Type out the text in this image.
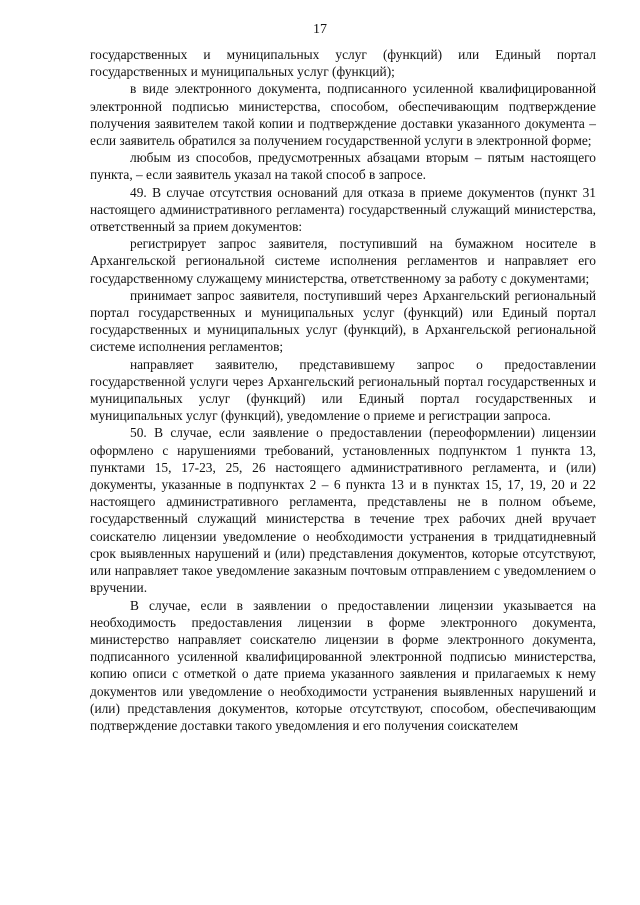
17

государственных и муниципальных услуг (функций) или Единый портал государственных и муниципальных услуг (функций);

в виде электронного документа, подписанного усиленной квалифицированной электронной подписью министерства, способом, обеспечивающим подтверждение получения заявителем такой копии и подтверждение доставки указанного документа – если заявитель обратился за получением государственной услуги в электронной форме;

любым из способов, предусмотренных абзацами вторым – пятым настоящего пункта, – если заявитель указал на такой способ в запросе.

49. В случае отсутствия оснований для отказа в приеме документов (пункт 31 настоящего административного регламента) государственный служащий министерства, ответственный за прием документов:

регистрирует запрос заявителя, поступивший на бумажном носителе в Архангельской региональной системе исполнения регламентов и направляет его государственному служащему министерства, ответственному за работу с документами;

принимает запрос заявителя, поступивший через Архангельский региональный портал государственных и муниципальных услуг (функций) или Единый портал государственных и муниципальных услуг (функций), в Архангельской региональной системе исполнения регламентов;

направляет заявителю, представившему запрос о предоставлении государственной услуги через Архангельский региональный портал государственных и муниципальных услуг (функций) или Единый портал государственных и муниципальных услуг (функций), уведомление о приеме и регистрации запроса.

50. В случае, если заявление о предоставлении (переоформлении) лицензии оформлено с нарушениями требований, установленных подпунктом 1 пункта 13, пунктами 15, 17-23, 25, 26 настоящего административного регламента, и (или) документы, указанные в подпунктах 2 – 6 пункта 13 и в пунктах 15, 17, 19, 20 и 22 настоящего административного регламента, представлены не в полном объеме, государственный служащий министерства в течение трех рабочих дней вручает соискателю лицензии уведомление о необходимости устранения в тридцатидневный срок выявленных нарушений и (или) представления документов, которые отсутствуют, или направляет такое уведомление заказным почтовым отправлением с уведомлением о вручении.

В случае, если в заявлении о предоставлении лицензии указывается на необходимость предоставления лицензии в форме электронного документа, министерство направляет соискателю лицензии в форме электронного документа, подписанного усиленной квалифицированной электронной подписью министерства, копию описи с отметкой о дате приема указанного заявления и прилагаемых к нему документов или уведомление о необходимости устранения выявленных нарушений и (или) представления документов, которые отсутствуют, способом, обеспечивающим подтверждение доставки такого уведомления и его получения соискателем
